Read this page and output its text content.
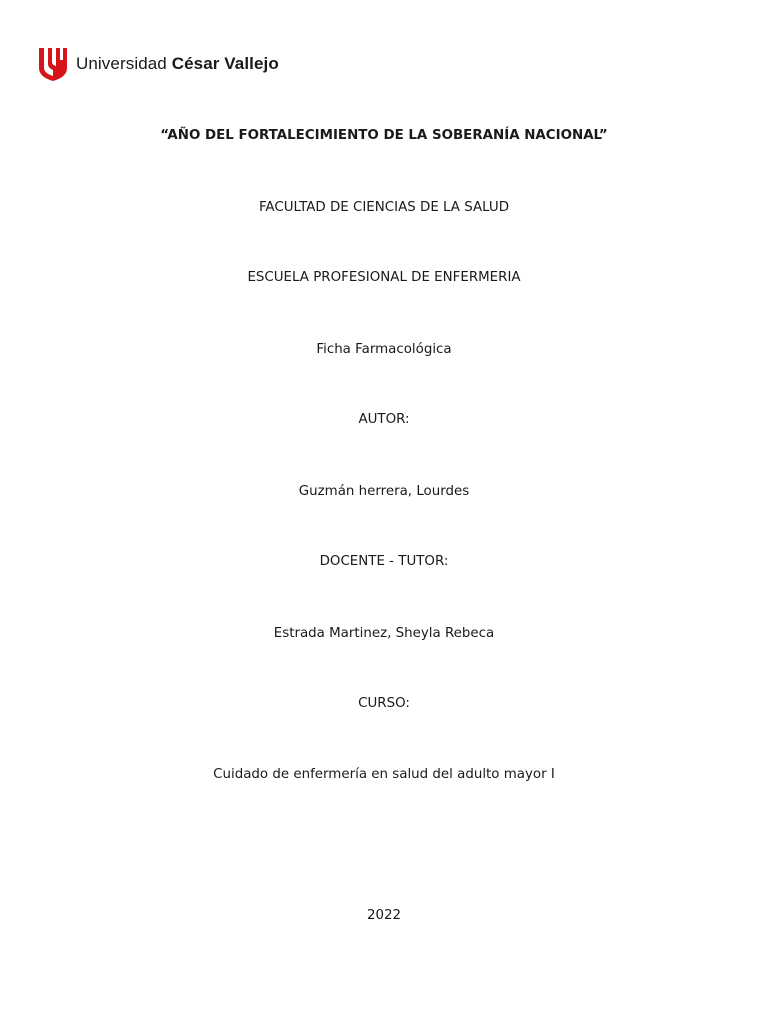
Universidad César Vallejo
“AÑO DEL FORTALECIMIENTO DE LA SOBERANÍA NACIONAL”
FACULTAD DE CIENCIAS DE LA SALUD
ESCUELA PROFESIONAL DE ENFERMERIA
Ficha Farmacológica
AUTOR:
Guzmán herrera, Lourdes
DOCENTE - TUTOR:
Estrada Martinez, Sheyla Rebeca
CURSO:
Cuidado de enfermería en salud del adulto mayor I
2022
